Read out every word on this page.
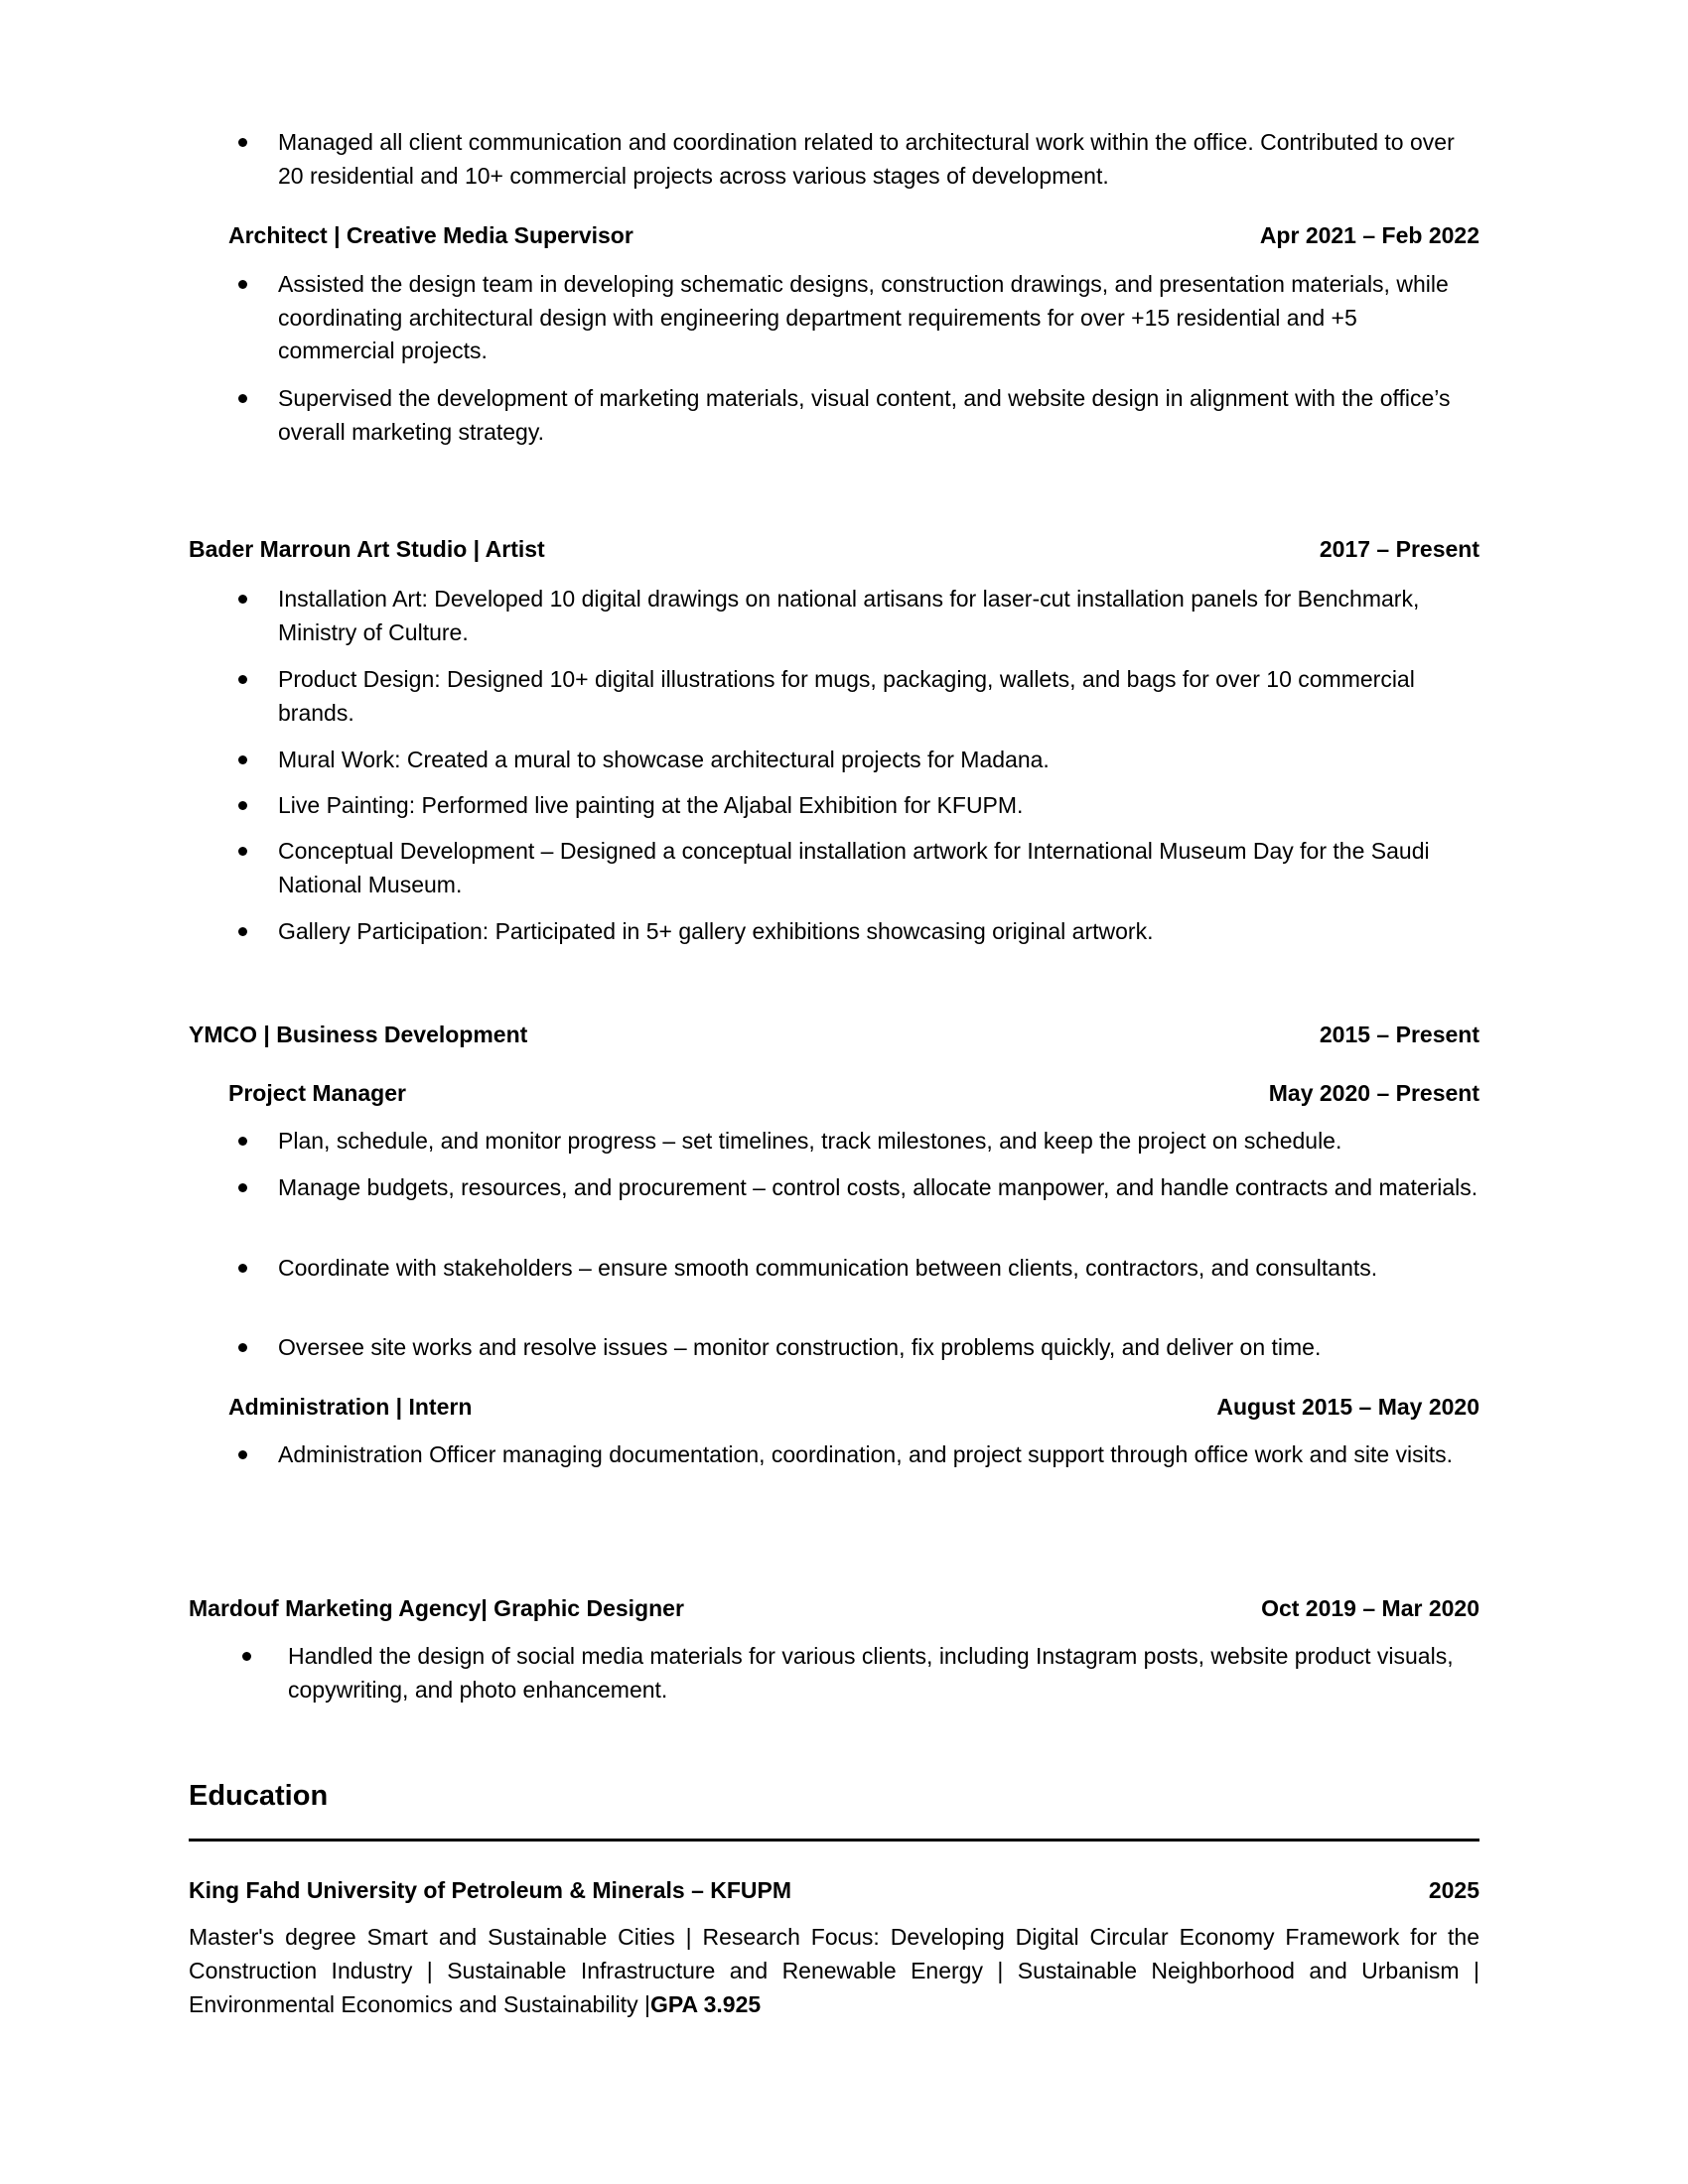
Managed all client communication and coordination related to architectural work within the office. Contributed to over 20 residential and 10+ commercial projects across various stages of development.
Architect | Creative Media Supervisor	Apr 2021 – Feb 2022
Assisted the design team in developing schematic designs, construction drawings, and presentation materials, while coordinating architectural design with engineering department requirements for over +15 residential and +5 commercial projects.
Supervised the development of marketing materials, visual content, and website design in alignment with the office’s overall marketing strategy.
Bader Marroun Art Studio | Artist	2017 – Present
Installation Art: Developed 10 digital drawings on national artisans for laser-cut installation panels for Benchmark, Ministry of Culture.
Product Design: Designed 10+ digital illustrations for mugs, packaging, wallets, and bags for over 10 commercial brands.
Mural Work: Created a mural to showcase architectural projects for Madana.
Live Painting: Performed live painting at the Aljabal Exhibition for KFUPM.
Conceptual Development – Designed a conceptual installation artwork for International Museum Day for the Saudi National Museum.
Gallery Participation: Participated in 5+ gallery exhibitions showcasing original artwork.
YMCO | Business Development	2015 – Present
Project Manager	May 2020 – Present
Plan, schedule, and monitor progress – set timelines, track milestones, and keep the project on schedule.
Manage budgets, resources, and procurement – control costs, allocate manpower, and handle contracts and materials.
Coordinate with stakeholders – ensure smooth communication between clients, contractors, and consultants.
Oversee site works and resolve issues – monitor construction, fix problems quickly, and deliver on time.
Administration | Intern	August 2015 – May 2020
Administration Officer managing documentation, coordination, and project support through office work and site visits.
Mardouf Marketing Agency| Graphic Designer	Oct 2019 – Mar 2020
Handled the design of social media materials for various clients, including Instagram posts, website product visuals, copywriting, and photo enhancement.
Education
King Fahd University of Petroleum & Minerals – KFUPM	2025
Master's degree Smart and Sustainable Cities | Research Focus: Developing Digital Circular Economy Framework for the Construction Industry | Sustainable Infrastructure and Renewable Energy | Sustainable Neighborhood and Urbanism | Environmental Economics and Sustainability |GPA 3.925
